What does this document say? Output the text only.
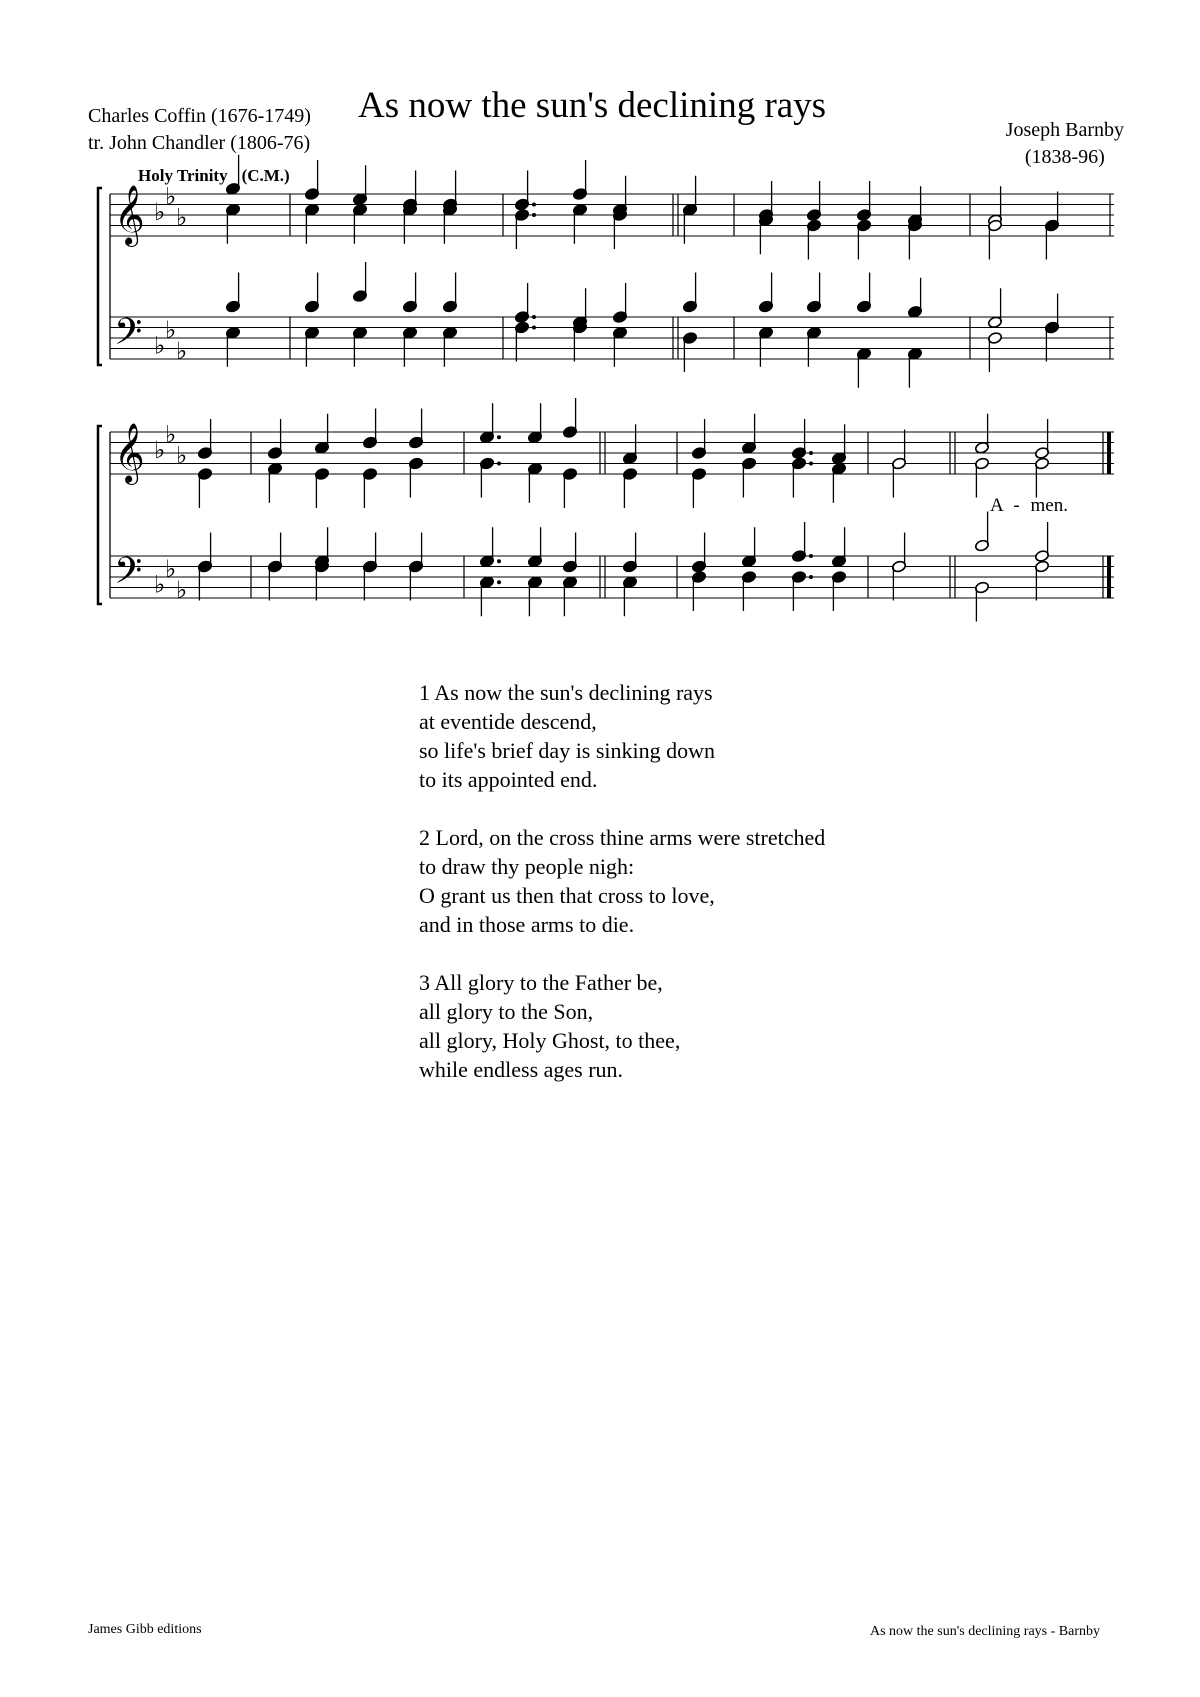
As now the sun's declining rays
Charles Coffin (1676-1749)
tr. John Chandler (1806-76)
Joseph Barnby
(1838-96)
Holy Trinity (C.M.)
𝄞
𝄢
♭
♭
♭
♭
♭
♭
𝄞
𝄢
♭
♭
♭
♭
♭
♭
A - men.
1 As now the sun's declining rays
at eventide descend,
so life's brief day is sinking down
to its appointed end.
2 Lord, on the cross thine arms were stretched
to draw thy people nigh:
O grant us then that cross to love,
and in those arms to die.
3 All glory to the Father be,
all glory to the Son,
all glory, Holy Ghost, to thee,
while endless ages run.
James Gibb editions	As now the sun's declining rays - Barnby
